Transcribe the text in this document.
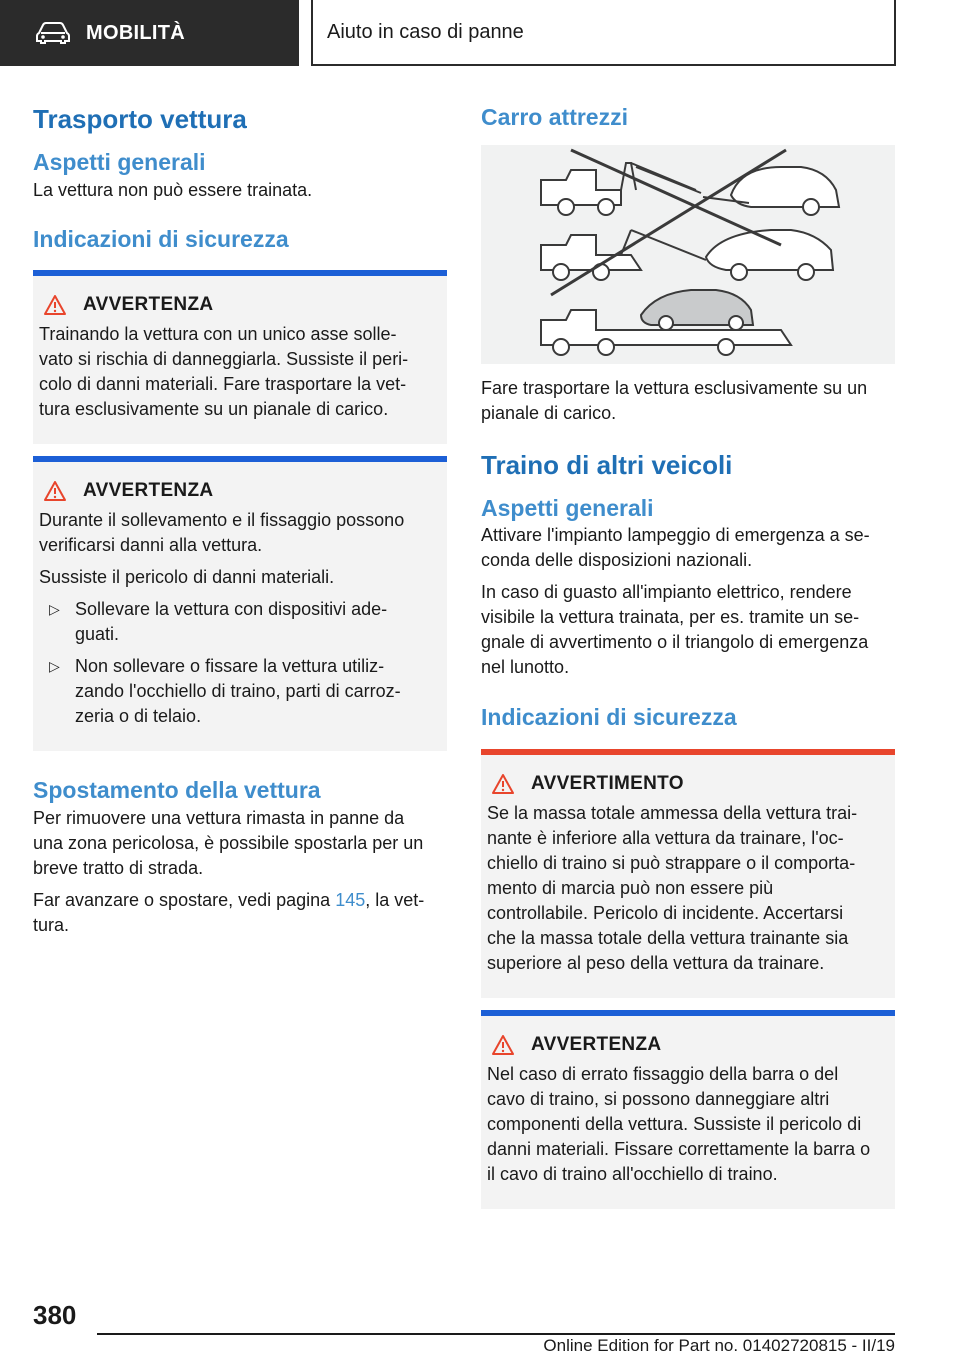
MOBILITÀ	Aiuto in caso di panne
Trasporto vettura
Aspetti generali
La vettura non può essere trainata.
Indicazioni di sicurezza
AVVERTENZA
Trainando la vettura con un unico asse solle-
vato si rischia di danneggiarla. Sussiste il peri-
colo di danni materiali. Fare trasportare la vet-
tura esclusivamente su un pianale di carico.
AVVERTENZA
Durante il sollevamento e il fissaggio possono
verificarsi danni alla vettura.
Sussiste il pericolo di danni materiali.
▷ Sollevare la vettura con dispositivi ade-
guati.
▷ Non sollevare o fissare la vettura utiliz-
zando l'occhiello di traino, parti di carroz-
zeria o di telaio.
Spostamento della vettura
Per rimuovere una vettura rimasta in panne da
una zona pericolosa, è possibile spostarla per un
breve tratto di strada.
Far avanzare o spostare, vedi pagina 145, la vet-
tura.
Carro attrezzi
Fare trasportare la vettura esclusivamente su un
pianale di carico.
Traino di altri veicoli
Aspetti generali
Attivare l'impianto lampeggio di emergenza a se-
conda delle disposizioni nazionali.
In caso di guasto all'impianto elettrico, rendere
visibile la vettura trainata, per es. tramite un se-
gnale di avvertimento o il triangolo di emergenza
nel lunotto.
Indicazioni di sicurezza
AVVERTIMENTO
Se la massa totale ammessa della vettura trai-
nante è inferiore alla vettura da trainare, l'oc-
chiello di traino si può strappare o il comporta-
mento di marcia può non essere più
controllabile. Pericolo di incidente. Accertarsi
che la massa totale della vettura trainante sia
superiore al peso della vettura da trainare.
AVVERTENZA
Nel caso di errato fissaggio della barra o del
cavo di traino, si possono danneggiare altri
componenti della vettura. Sussiste il pericolo di
danni materiali. Fissare correttamente la barra o
il cavo di traino all'occhiello di traino.
380
Online Edition for Part no. 01402720815 - II/19
